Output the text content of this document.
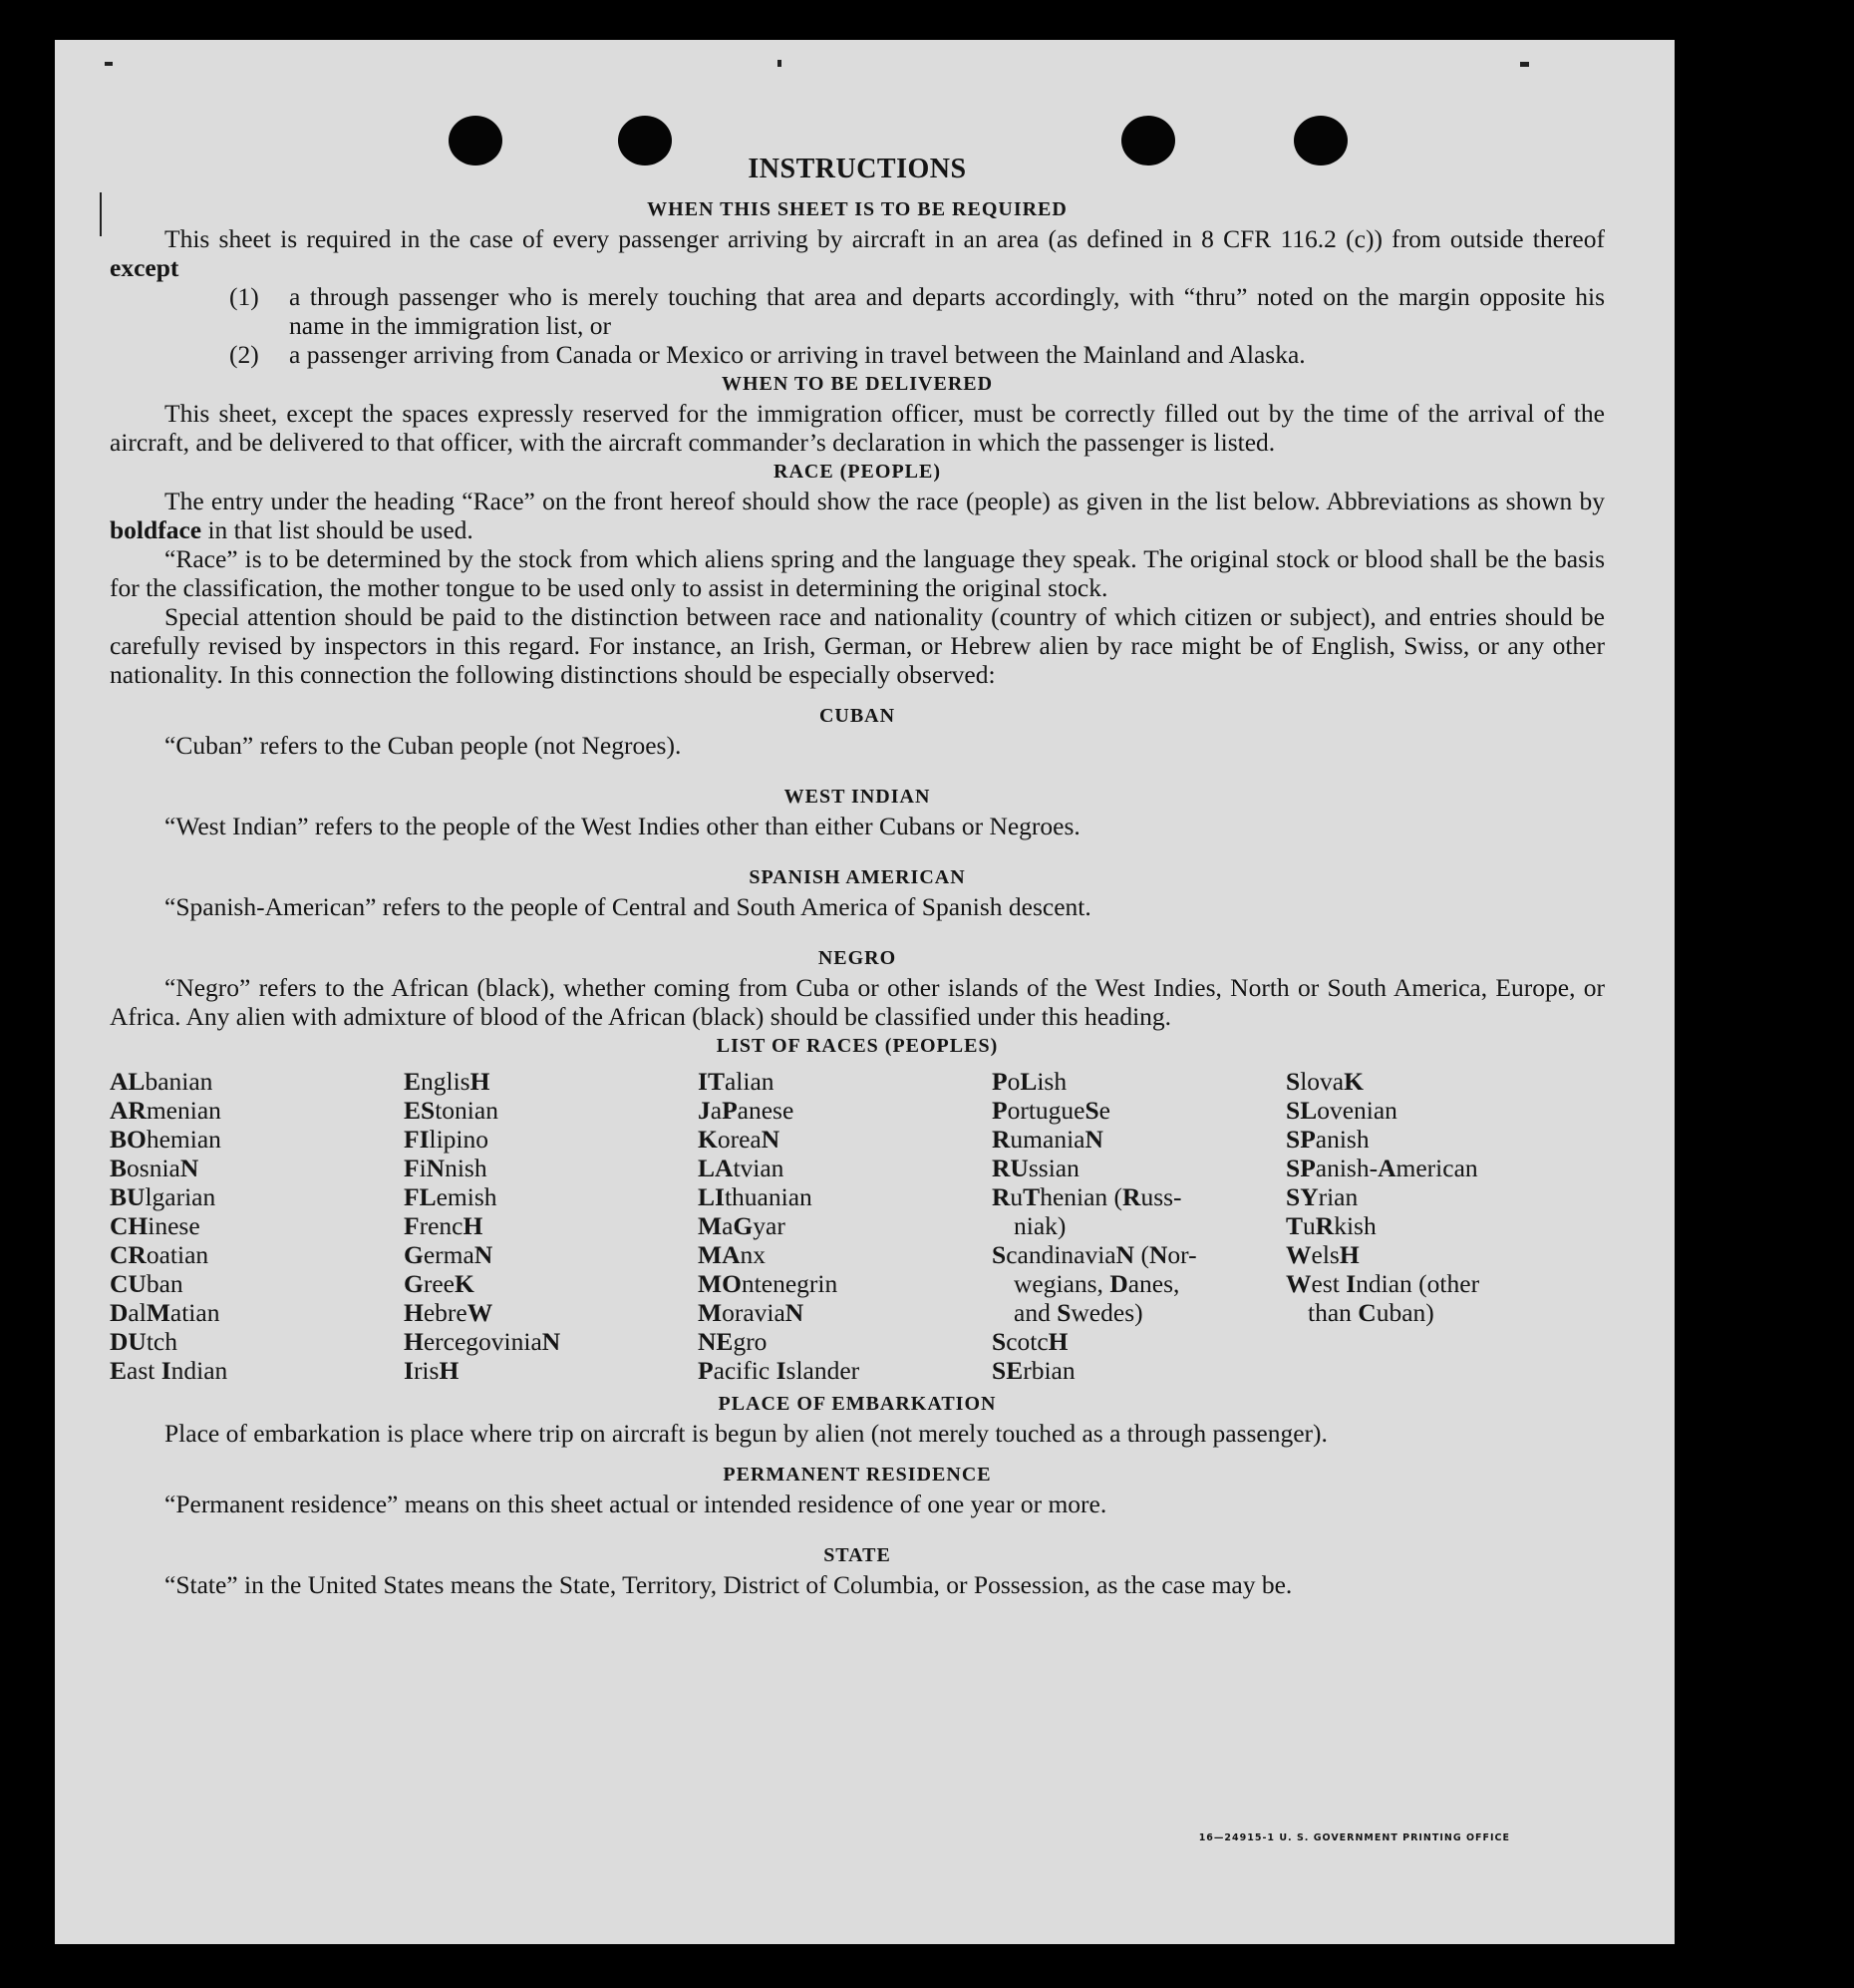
INSTRUCTIONS

WHEN THIS SHEET IS TO BE REQUIRED

This sheet is required in the case of every passenger arriving by aircraft in an area (as defined in 8 CFR 116.2 (c)) from outside thereof except

(1)	a through passenger who is merely touching that area and departs accordingly, with “thru” noted on the margin opposite his name in the immigration list, or
(2)	a passenger arriving from Canada or Mexico or arriving in travel between the Mainland and Alaska.

WHEN TO BE DELIVERED

This sheet, except the spaces expressly reserved for the immigration officer, must be correctly filled out by the time of the arrival of the aircraft, and be delivered to that officer, with the aircraft commander’s declaration in which the passenger is listed.

RACE (PEOPLE)

The entry under the heading “Race” on the front hereof should show the race (people) as given in the list below. Abbreviations as shown by boldface in that list should be used.

“Race” is to be determined by the stock from which aliens spring and the language they speak. The original stock or blood shall be the basis for the classification, the mother tongue to be used only to assist in determining the original stock.

Special attention should be paid to the distinction between race and nationality (country of which citizen or subject), and entries should be carefully revised by inspectors in this regard. For instance, an Irish, German, or Hebrew alien by race might be of English, Swiss, or any other nationality. In this connection the following distinctions should be especially observed:

CUBAN

“Cuban” refers to the Cuban people (not Negroes).

WEST INDIAN

“West Indian” refers to the people of the West Indies other than either Cubans or Negroes.

SPANISH AMERICAN

“Spanish-American” refers to the people of Central and South America of Spanish descent.

NEGRO

“Negro” refers to the African (black), whether coming from Cuba or other islands of the West Indies, North or South America, Europe, or Africa. Any alien with admixture of blood of the African (black) should be classified under this heading.

LIST OF RACES (PEOPLES)

ALbanian
ARmenian
BOhemian
BosniaN
BUlgarian
CHinese
CRoatian
CUban
DalMatian
DUtch
East Indian
EnglisH
EStonian
FIlipino
FiNnish
FLemish
FrencH
GermaN
GreeK
HebreW
HercegoviniaN
IrisH
ITalian
JaPanese
KoreaN
LAtvian
LIthuanian
MaGyar
MAnx
MOntenegrin
MoraviaN
NEgro
Pacific Islander
PoLish
PortugueSe
RumaniaN
RUssian
RuThenian (Russ-
niak)
ScandinaviaN (Nor-
wegians, Danes,
and Swedes)
ScotcH
SErbian
SlovaK
SLovenian
SPanish
SPanish-American
SYrian
TuRkish
WelsH
West Indian (other
than Cuban)

PLACE OF EMBARKATION

Place of embarkation is place where trip on aircraft is begun by alien (not merely touched as a through passenger).

PERMANENT RESIDENCE

“Permanent residence” means on this sheet actual or intended residence of one year or more.

STATE

“State” in the United States means the State, Territory, District of Columbia, or Possession, as the case may be.

16—24915-1 U. S. GOVERNMENT PRINTING OFFICE
